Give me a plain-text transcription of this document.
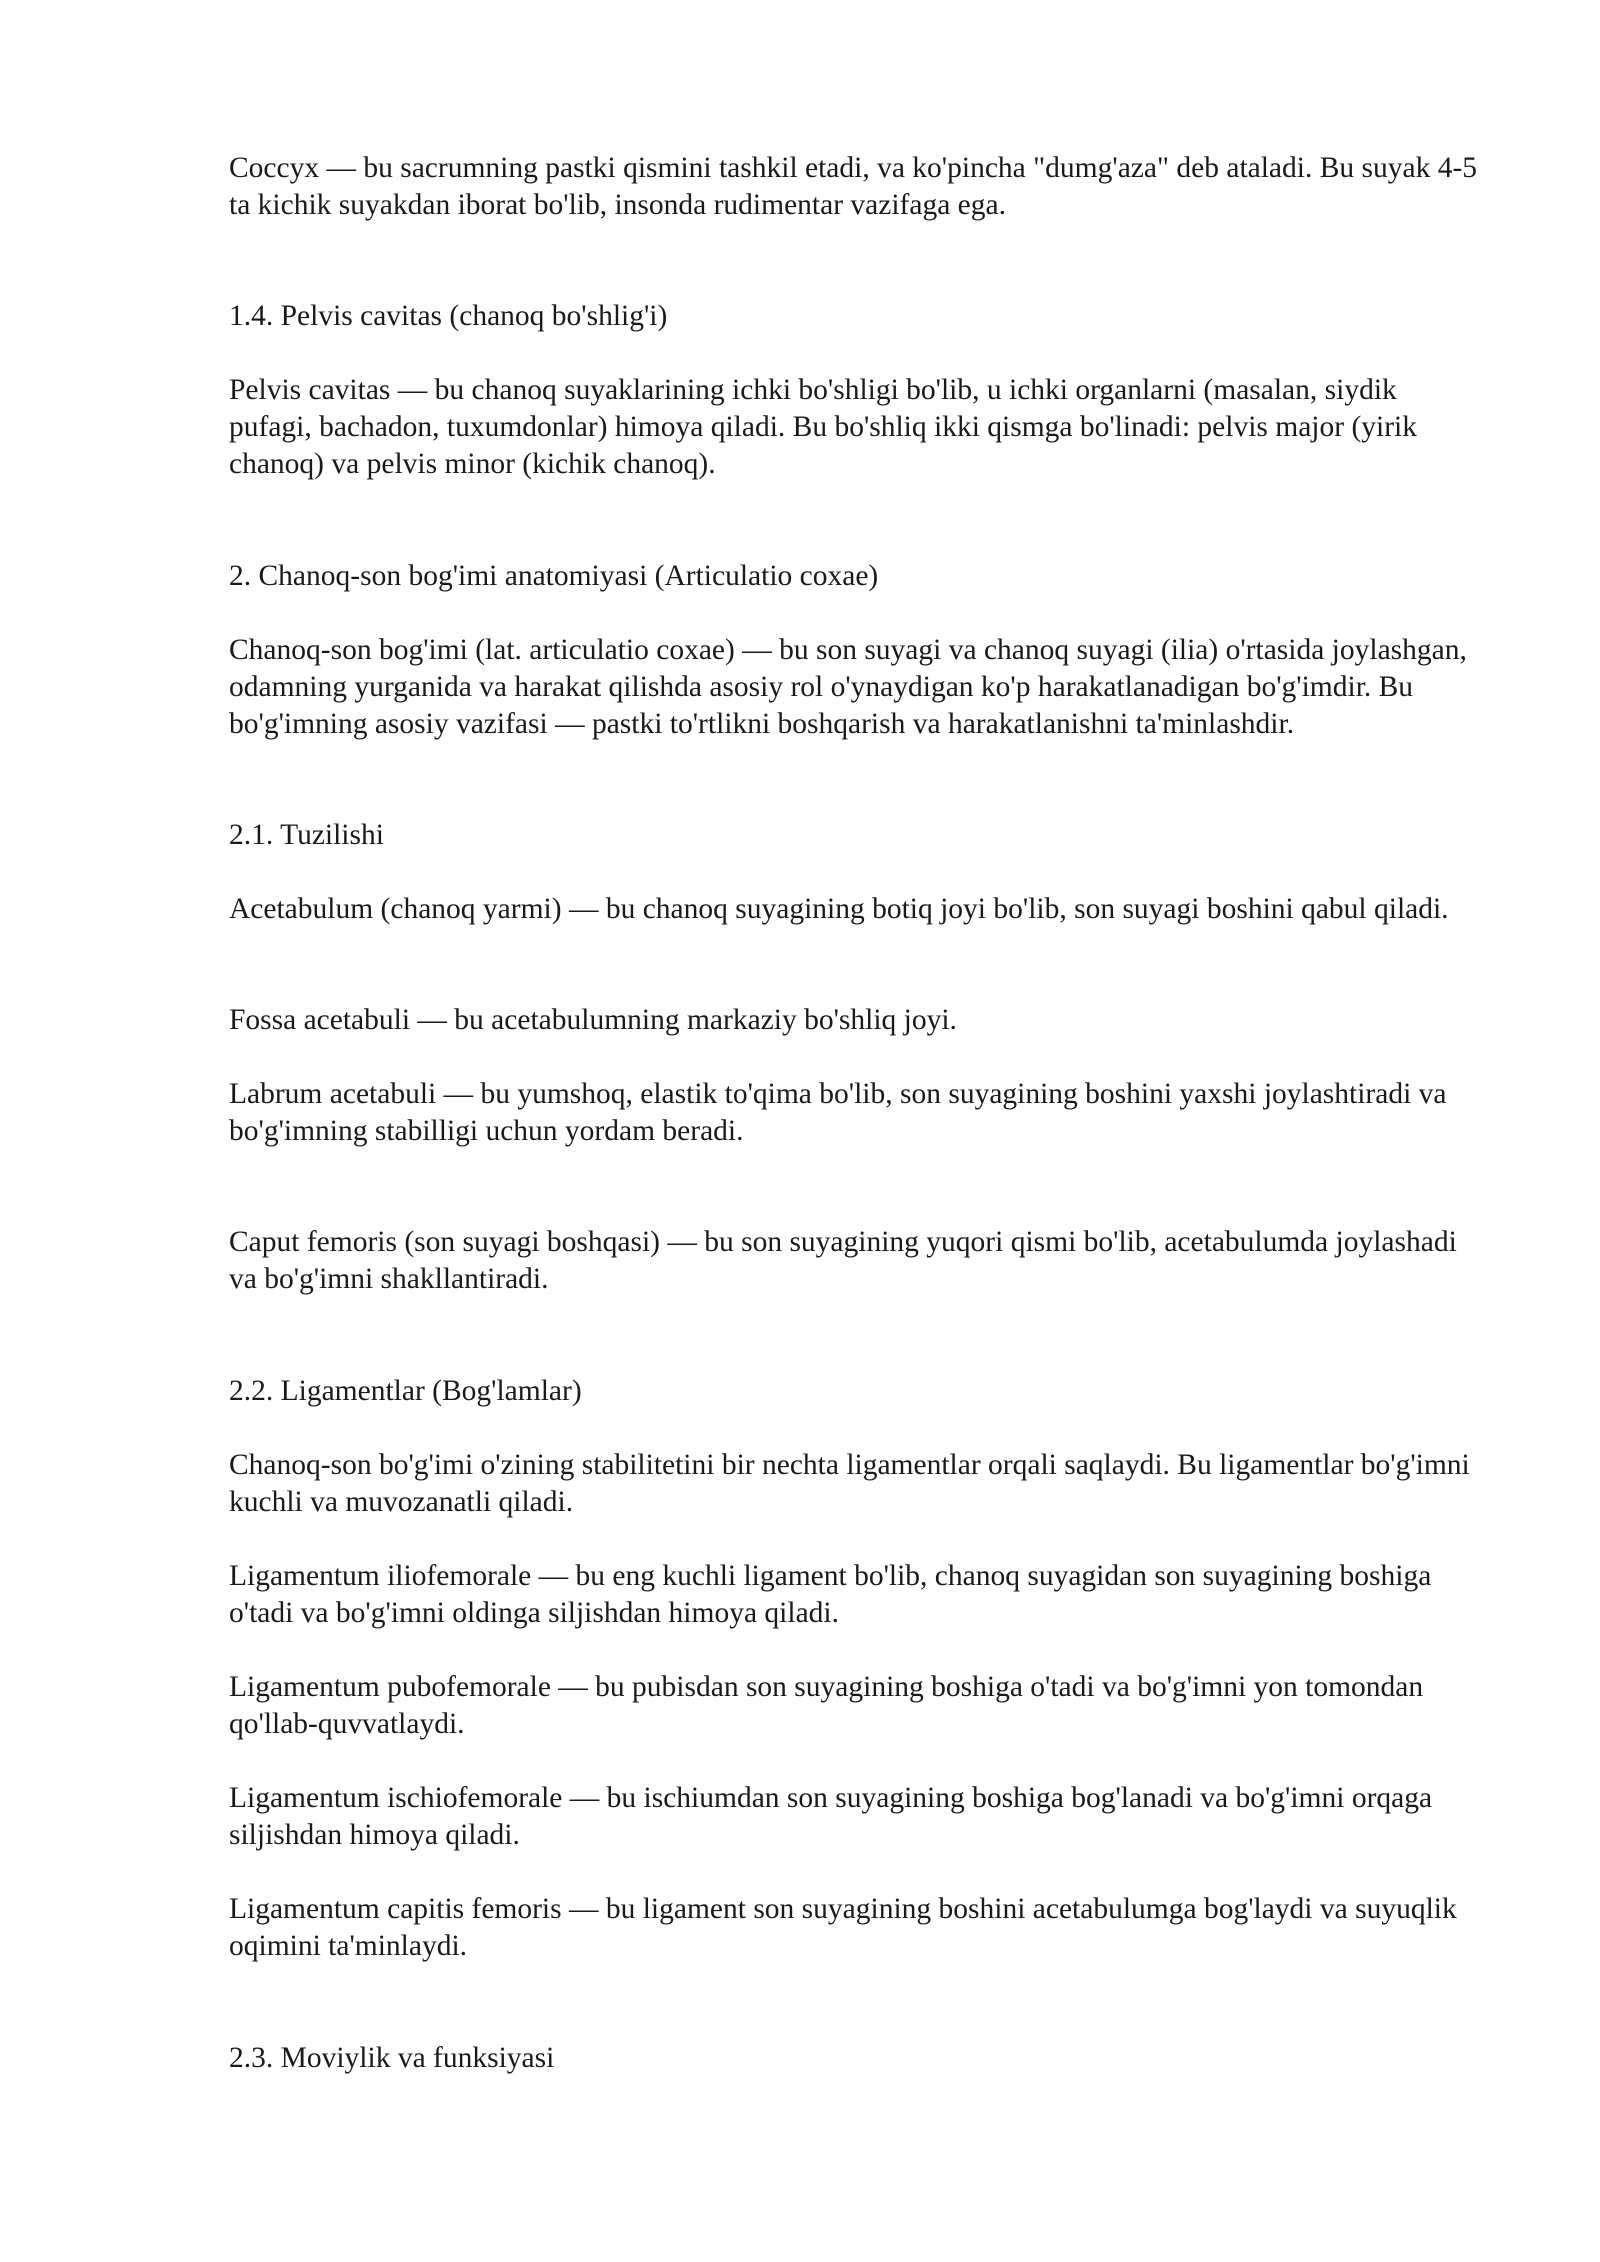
Coccyx — bu sacrumning pastki qismini tashkil etadi, va ko'pincha "dumg'aza" deb ataladi. Bu suyak 4-5 ta kichik suyakdan iborat bo'lib, insonda rudimentar vazifaga ega.

1.4. Pelvis cavitas (chanoq bo'shlig'i)

Pelvis cavitas — bu chanoq suyaklarining ichki bo'shligi bo'lib, u ichki organlarni (masalan, siydik pufagi, bachadon, tuxumdonlar) himoya qiladi. Bu bo'shliq ikki qismga bo'linadi: pelvis major (yirik chanoq) va pelvis minor (kichik chanoq).

2. Chanoq-son bog'imi anatomiyasi (Articulatio coxae)

Chanoq-son bog'imi (lat. articulatio coxae) — bu son suyagi va chanoq suyagi (ilia) o'rtasida joylashgan, odamning yurganida va harakat qilishda asosiy rol o'ynaydigan ko'p harakatlanadigan bo'g'imdir. Bu bo'g'imning asosiy vazifasi — pastki to'rtlikni boshqarish va harakatlanishni ta'minlashdir.

2.1. Tuzilishi

Acetabulum (chanoq yarmi) — bu chanoq suyagining botiq joyi bo'lib, son suyagi boshini qabul qiladi.

Fossa acetabuli — bu acetabulumning markaziy bo'shliq joyi.

Labrum acetabuli — bu yumshoq, elastik to'qima bo'lib, son suyagining boshini yaxshi joylashtiradi va bo'g'imning stabilligi uchun yordam beradi.

Caput femoris (son suyagi boshqasi) — bu son suyagining yuqori qismi bo'lib, acetabulumda joylashadi va bo'g'imni shakllantiradi.

2.2. Ligamentlar (Bog'lamlar)

Chanoq-son bo'g'imi o'zining stabilitetini bir nechta ligamentlar orqali saqlaydi. Bu ligamentlar bo'g'imni kuchli va muvozanatli qiladi.

Ligamentum iliofemorale — bu eng kuchli ligament bo'lib, chanoq suyagidan son suyagining boshiga o'tadi va bo'g'imni oldinga siljishdan himoya qiladi.

Ligamentum pubofemorale — bu pubisdan son suyagining boshiga o'tadi va bo'g'imni yon tomondan qo'llab-quvvatlaydi.

Ligamentum ischiofemorale — bu ischiumdan son suyagining boshiga bog'lanadi va bo'g'imni orqaga siljishdan himoya qiladi.

Ligamentum capitis femoris — bu ligament son suyagining boshini acetabulumga bog'laydi va suyuqlik oqimini ta'minlaydi.

2.3. Moviylik va funksiyasi
